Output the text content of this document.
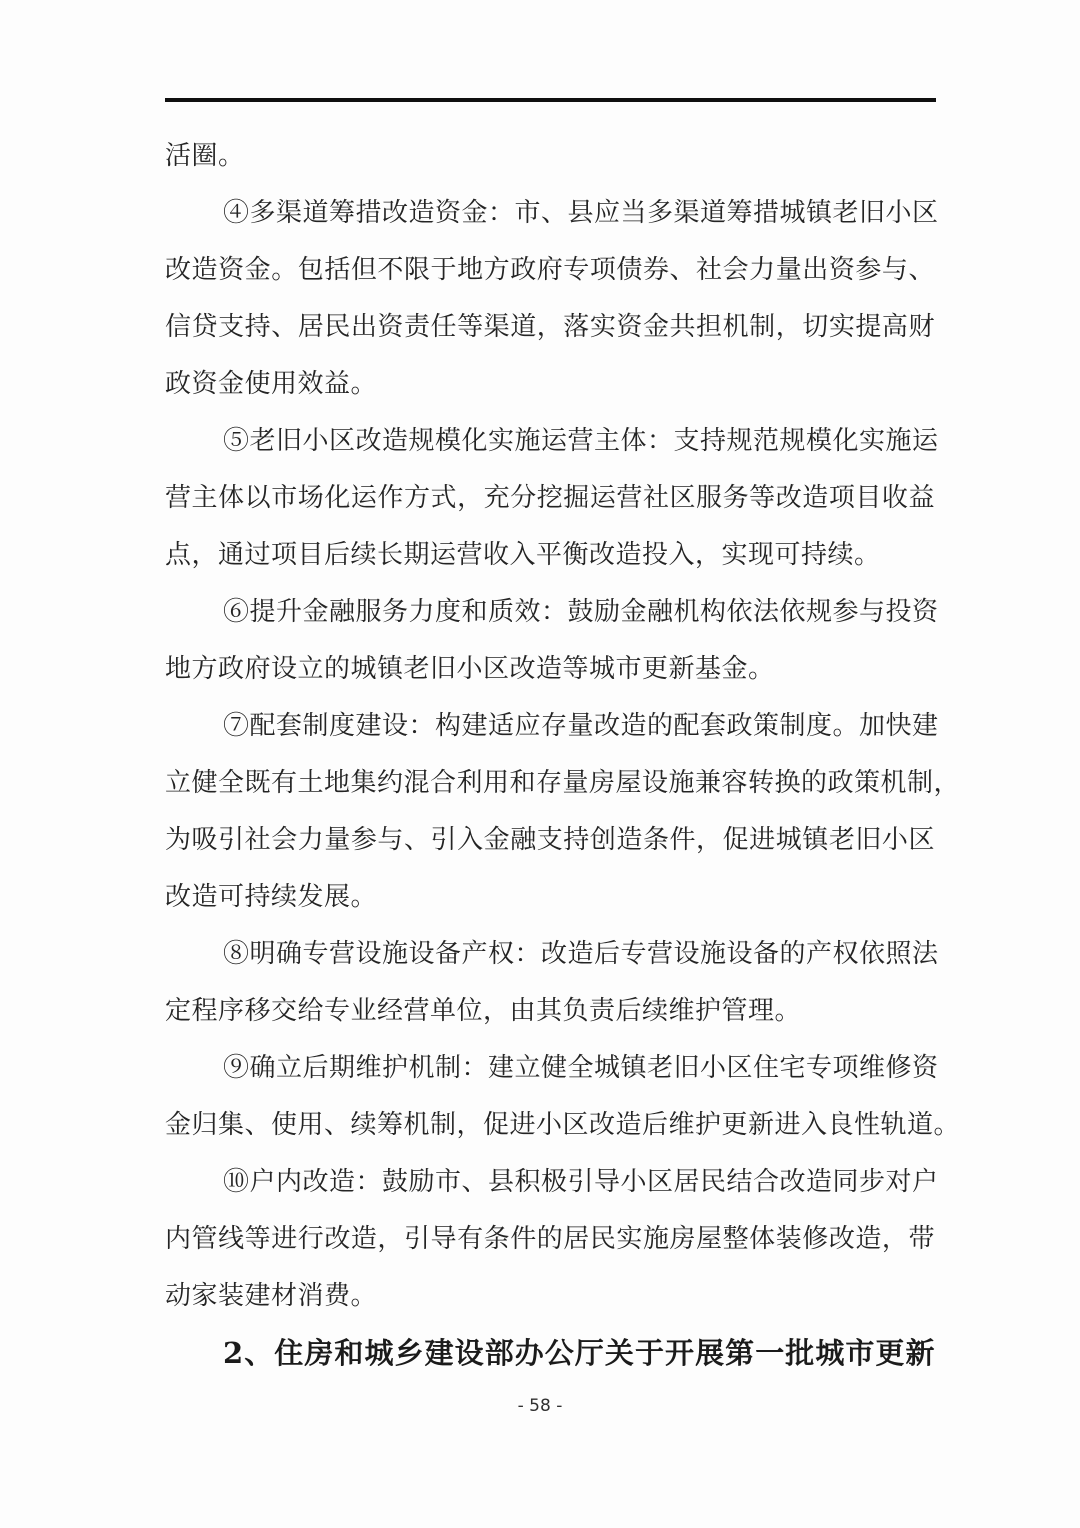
活圈。
④多渠道筹措改造资金：市、县应当多渠道筹措城镇老旧小区
改造资金。包括但不限于地方政府专项债券、社会力量出资参与、
信贷支持、居民出资责任等渠道，落实资金共担机制，切实提高财
政资金使用效益。
⑤老旧小区改造规模化实施运营主体：支持规范规模化实施运
营主体以市场化运作方式，充分挖掘运营社区服务等改造项目收益
点，通过项目后续长期运营收入平衡改造投入，实现可持续。
⑥提升金融服务力度和质效：鼓励金融机构依法依规参与投资
地方政府设立的城镇老旧小区改造等城市更新基金。
⑦配套制度建设：构建适应存量改造的配套政策制度。加快建
立健全既有土地集约混合利用和存量房屋设施兼容转换的政策机制，
为吸引社会力量参与、引入金融支持创造条件，促进城镇老旧小区
改造可持续发展。
⑧明确专营设施设备产权：改造后专营设施设备的产权依照法
定程序移交给专业经营单位，由其负责后续维护管理。
⑨确立后期维护机制：建立健全城镇老旧小区住宅专项维修资
金归集、使用、续筹机制，促进小区改造后维护更新进入良性轨道。
⑩户内改造：鼓励市、县积极引导小区居民结合改造同步对户
内管线等进行改造，引导有条件的居民实施房屋整体装修改造，带
动家装建材消费。
2、住房和城乡建设部办公厅关于开展第一批城市更新
- 58 -
